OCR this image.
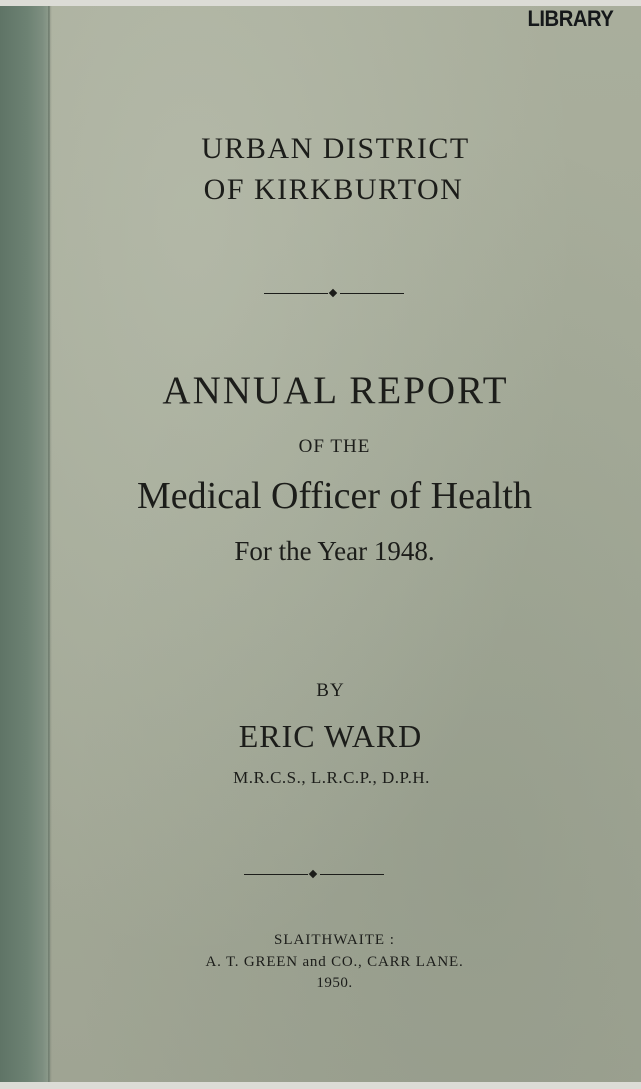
LIBRARY
URBAN DISTRICT
OF KIRKBURTON
ANNUAL REPORT
OF THE
Medical Officer of Health
For the Year 1948.
BY
ERIC WARD
M.R.C.S., L.R.C.P., D.P.H.
SLAITHWAITE :
A. T. GREEN and CO., CARR LANE.
1950.
